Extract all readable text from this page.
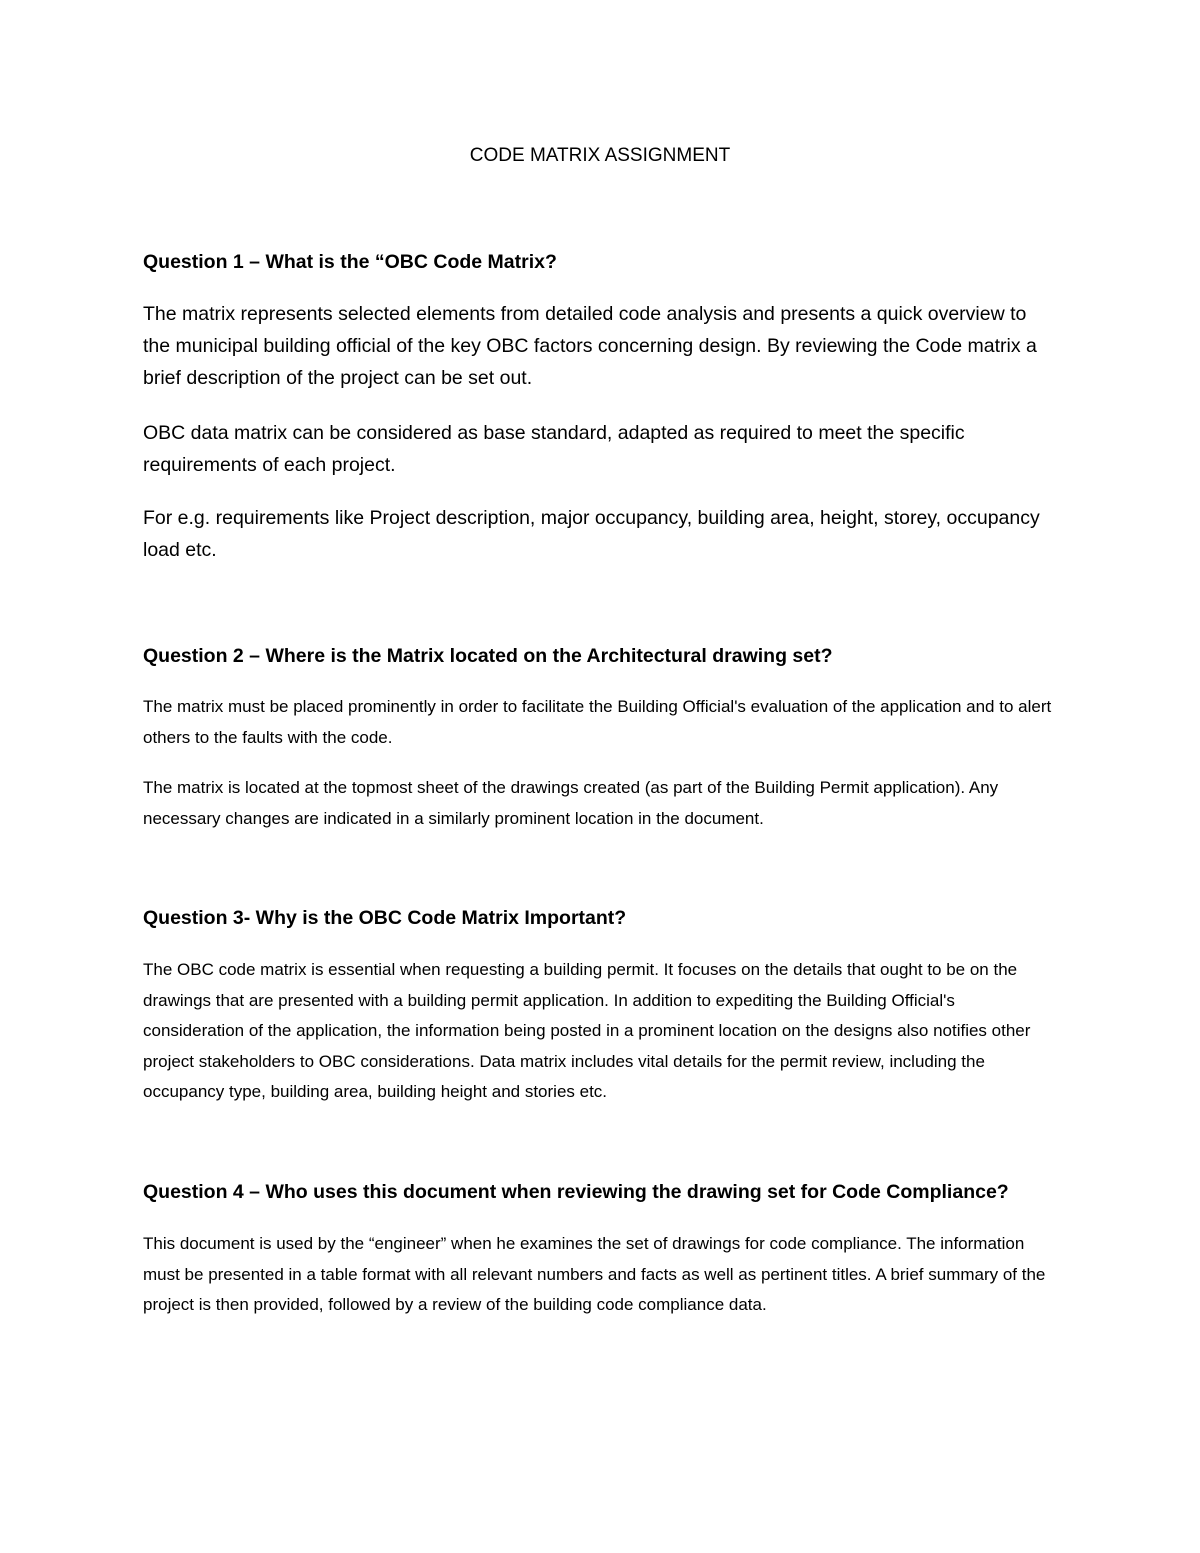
CODE MATRIX ASSIGNMENT
Question 1 – What is the “OBC Code Matrix?

The matrix represents selected elements from detailed code analysis and presents a quick overview to the municipal building official of the key OBC factors concerning design. By reviewing the Code matrix a brief description of the project can be set out.

OBC data matrix can be considered as base standard, adapted as required to meet the specific requirements of each project.

For e.g. requirements like Project description, major occupancy, building area, height, storey, occupancy load etc.

Question 2 – Where is the Matrix located on the Architectural drawing set?

The matrix must be placed prominently in order to facilitate the Building Official's evaluation of the application and to alert others to the faults with the code.

The matrix is located at the topmost sheet of the drawings created (as part of the Building Permit application). Any necessary changes are indicated in a similarly prominent location in the document.

Question 3- Why is the OBC Code Matrix Important?

The OBC code matrix is essential when requesting a building permit. It focuses on the details that ought to be on the drawings that are presented with a building permit application. In addition to expediting the Building Official's consideration of the application, the information being posted in a prominent location on the designs also notifies other project stakeholders to OBC considerations. Data matrix includes vital details for the permit review, including the occupancy type, building area, building height and stories etc.

Question 4 – Who uses this document when reviewing the drawing set for Code Compliance?

This document is used by the “engineer” when he examines the set of drawings for code compliance. The information must be presented in a table format with all relevant numbers and facts as well as pertinent titles. A brief summary of the project is then provided, followed by a review of the building code compliance data.
